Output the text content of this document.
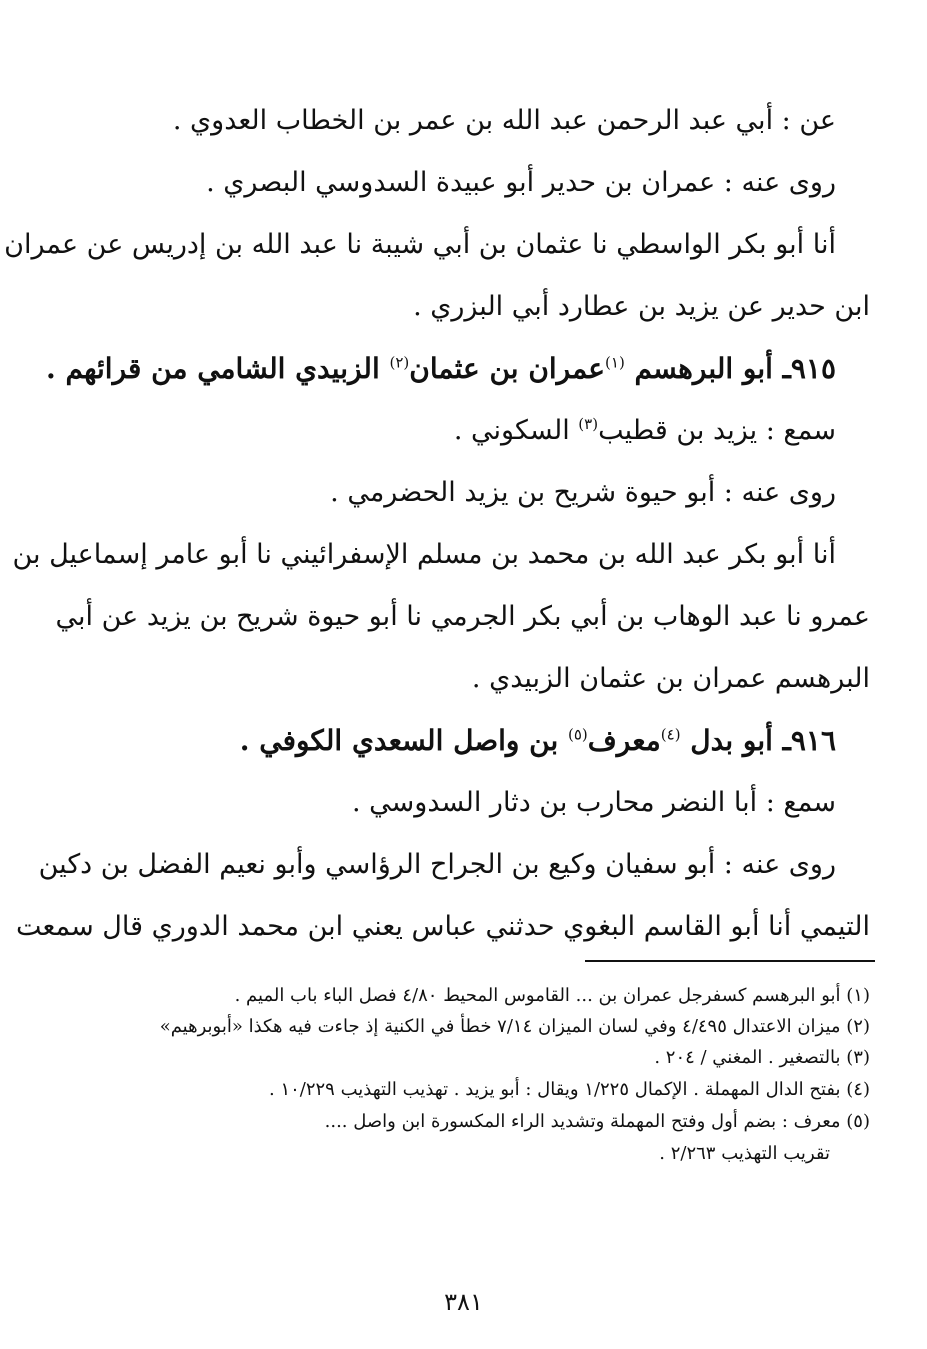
عن : أبي عبد الرحمن عبد الله بن عمر بن الخطاب العدوي .
روى عنه : عمران بن حدير أبو عبيدة السدوسي البصري .
أنا أبو بكر الواسطي نا عثمان بن أبي شيبة نا عبد الله بن إدريس عن عمران
ابن حدير عن يزيد بن عطارد أبي البزري .
٩١٥ـ أبو البرهسم $^{(١)}$عمران بن عثمان$^{(٢)}$ الزبيدي الشامي من قرائهم .
سمع : يزيد بن قطيب$^{(٣)}$ السكوني .
روى عنه : أبو حيوة شريح بن يزيد الحضرمي .
أنا أبو بكر عبد الله بن محمد بن مسلم الإسفرائيني نا أبو عامر إسماعيل بن
عمرو نا عبد الوهاب بن أبي بكر الجرمي نا أبو حيوة شريح بن يزيد عن أبي
البرهسم عمران بن عثمان الزبيدي .
٩١٦ـ أبو بدل $^{(٤)}$معرف$^{(٥)}$ بن واصل السعدي الكوفي .
سمع : أبا النضر محارب بن دثار السدوسي .
روى عنه : أبو سفيان وكيع بن الجراح الرؤاسي وأبو نعيم الفضل بن دكين
التيمي أنا أبو القاسم البغوي حدثني عباس يعني ابن محمد الدوري قال سمعت
(١) أبو البرهسم كسفرجل عمران بن ... القاموس المحيط ٤/٨٠ فصل الباء باب الميم .
(٢) ميزان الاعتدال ٤/٤٩٥ وفي لسان الميزان ٧/١٤ خطأ في الكنية إذ جاءت فيه هكذا «أبوبرهيم»
(٣) بالتصغير . المغني / ٢٠٤ .
(٤) بفتح الدال المهملة . الإكمال ١/٢٢٥ ويقال : أبو يزيد . تهذيب التهذيب ١٠/٢٢٩ .
(٥) معرف : بضم أول وفتح المهملة وتشديد الراء المكسورة ابن واصل ....
تقريب التهذيب ٢/٢٦٣ .
٣٨١
